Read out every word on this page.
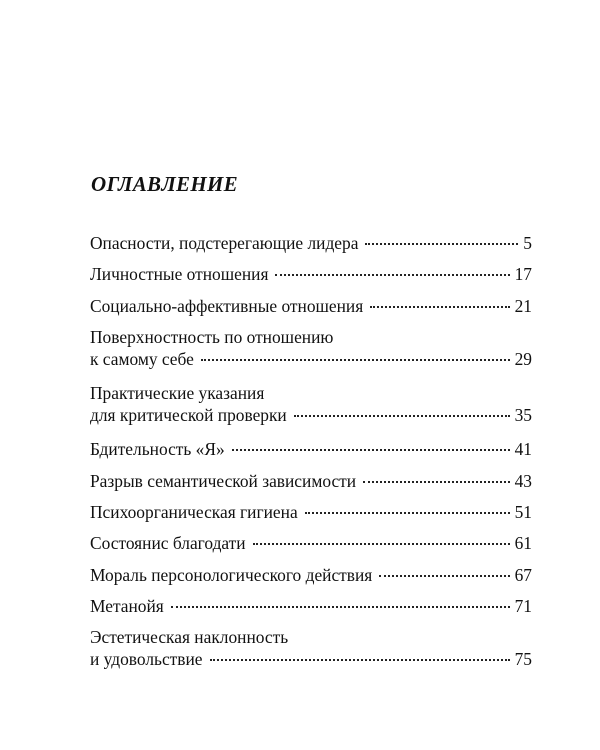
ОГЛАВЛЕНИЕ
Опасности, подстерегающие лидера	5
Личностные отношения	17
Социально-аффективные отношения	21
Поверхностность по отношению
к самому себе	29
Практические указания
для критической проверки	35
Бдительность «Я»	41
Разрыв семантической зависимости	43
Психоорганическая гигиена	51
Состоянис благодати	61
Мораль персонологического действия	67
Метанойя	71
Эстетическая наклонность
и удовольствие	75
